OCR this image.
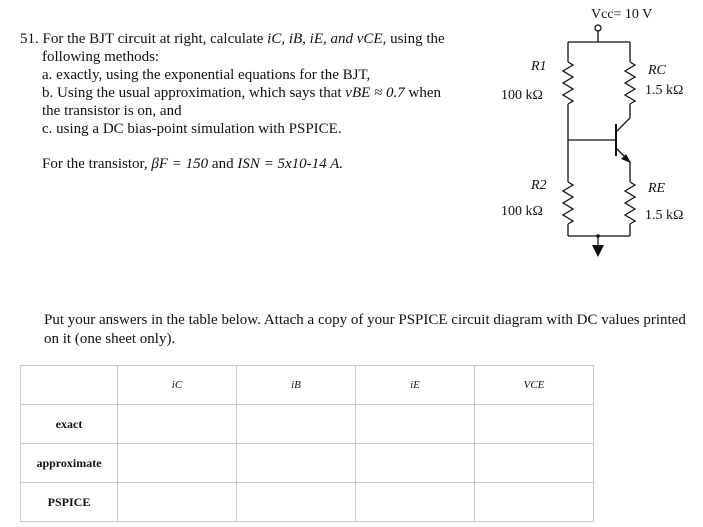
51. For the BJT circuit at right, calculate iC, iB, iE, and vCE, using the
following methods:
a. exactly, using the exponential equations for the BJT,
b. Using the usual approximation, which says that vBE ≈ 0.7 when
the transistor is on, and
c. using a DC bias-point simulation with PSPICE.
For the transistor, βF = 150 and ISN = 5x10-14 A.
Vcc= 10 V
R1
100 kΩ
R2
100 kΩ
RC
1.5 kΩ
RE
1.5 kΩ
Put your answers in the table below. Attach a copy of your PSPICE circuit diagram with DC values printed on it (one sheet only).
	iC	iB	iE	VCE
exact				
approximate				
PSPICE				
